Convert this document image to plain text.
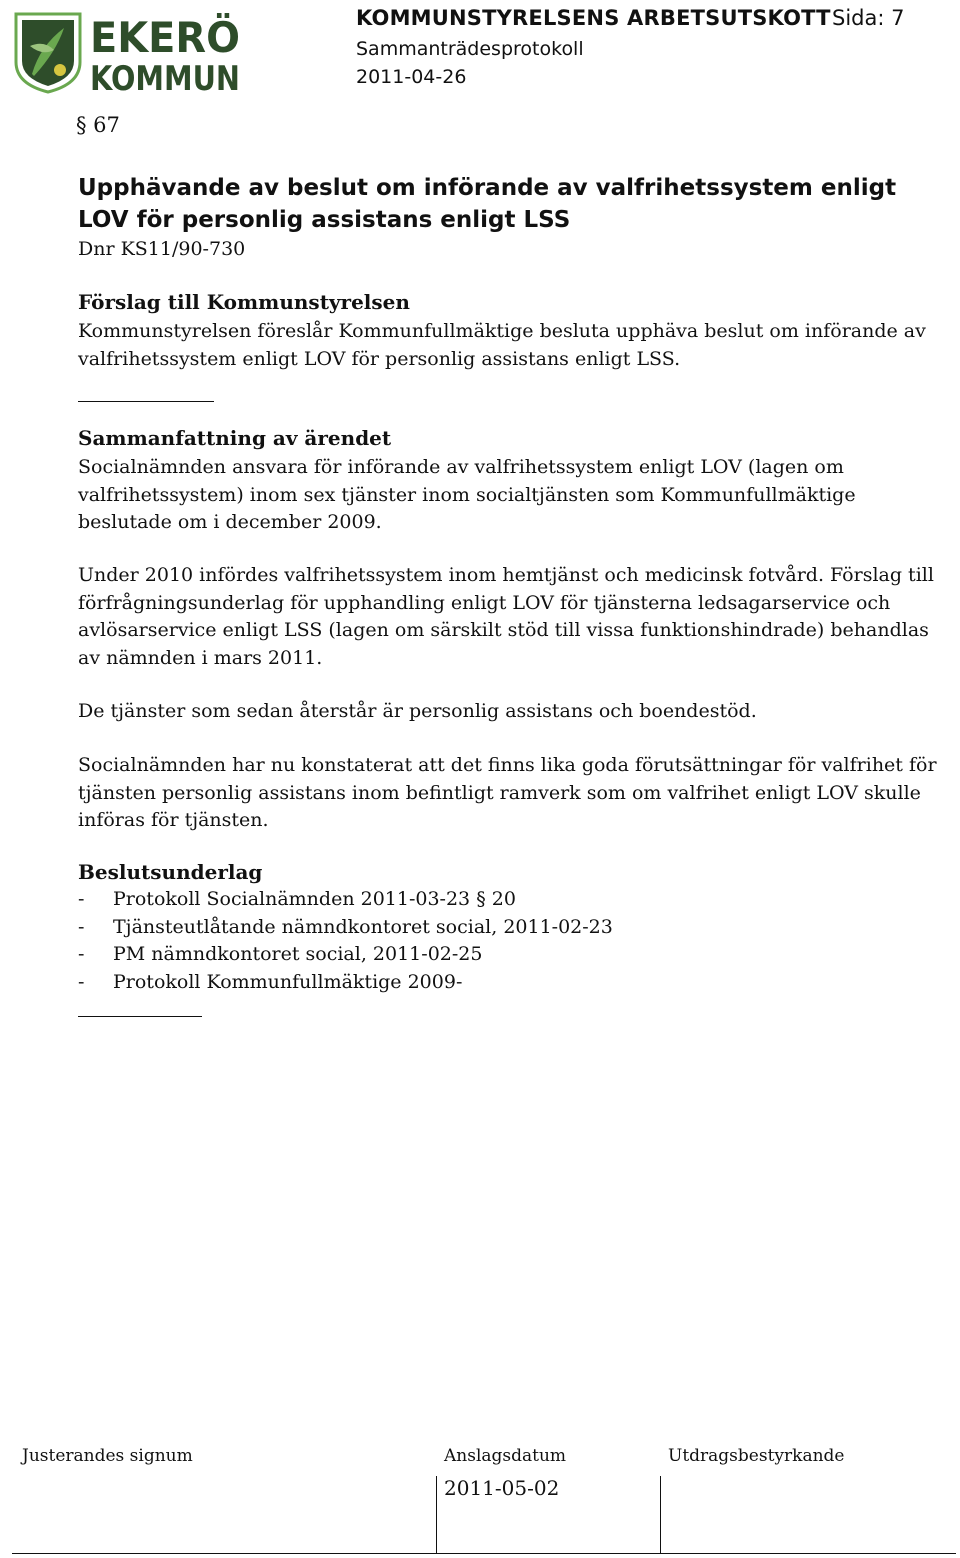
EKERÖ
KOMMUN
KOMMUNSTYRELSENS ARBETSUTSKOTT Sida: 7
Sammanträdesprotokoll
2011-04-26
§ 67
Upphävande av beslut om införande av valfrihetssystem enligt LOV för personlig assistans enligt LSS
Dnr KS11/90-730
Förslag till Kommunstyrelsen
Kommunstyrelsen föreslår Kommunfullmäktige besluta upphäva beslut om införande av valfrihetssystem enligt LOV för personlig assistans enligt LSS.
Sammanfattning av ärendet
Socialnämnden ansvara för införande av valfrihetssystem enligt LOV (lagen om valfrihetssystem) inom sex tjänster inom socialtjänsten som Kommunfullmäktige beslutade om i december 2009.
Under 2010 infördes valfrihetssystem inom hemtjänst och medicinsk fotvård. Förslag till förfrågningsunderlag för upphandling enligt LOV för tjänsterna ledsagarservice och avlösarservice enligt LSS (lagen om särskilt stöd till vissa funktionshindrade) behandlas av nämnden i mars 2011.
De tjänster som sedan återstår är personlig assistans och boendestöd.
Socialnämnden har nu konstaterat att det finns lika goda förutsättningar för valfrihet för tjänsten personlig assistans inom befintligt ramverk som om valfrihet enligt LOV skulle införas för tjänsten.
Beslutsunderlag
- Protokoll Socialnämnden 2011-03-23 § 20
- Tjänsteutlåtande nämndkontoret social, 2011-02-23
- PM nämndkontoret social, 2011-02-25
- Protokoll Kommunfullmäktige 2009-
Justerandes signum	Anslagsdatum	Utdragsbestyrkande
2011-05-02
